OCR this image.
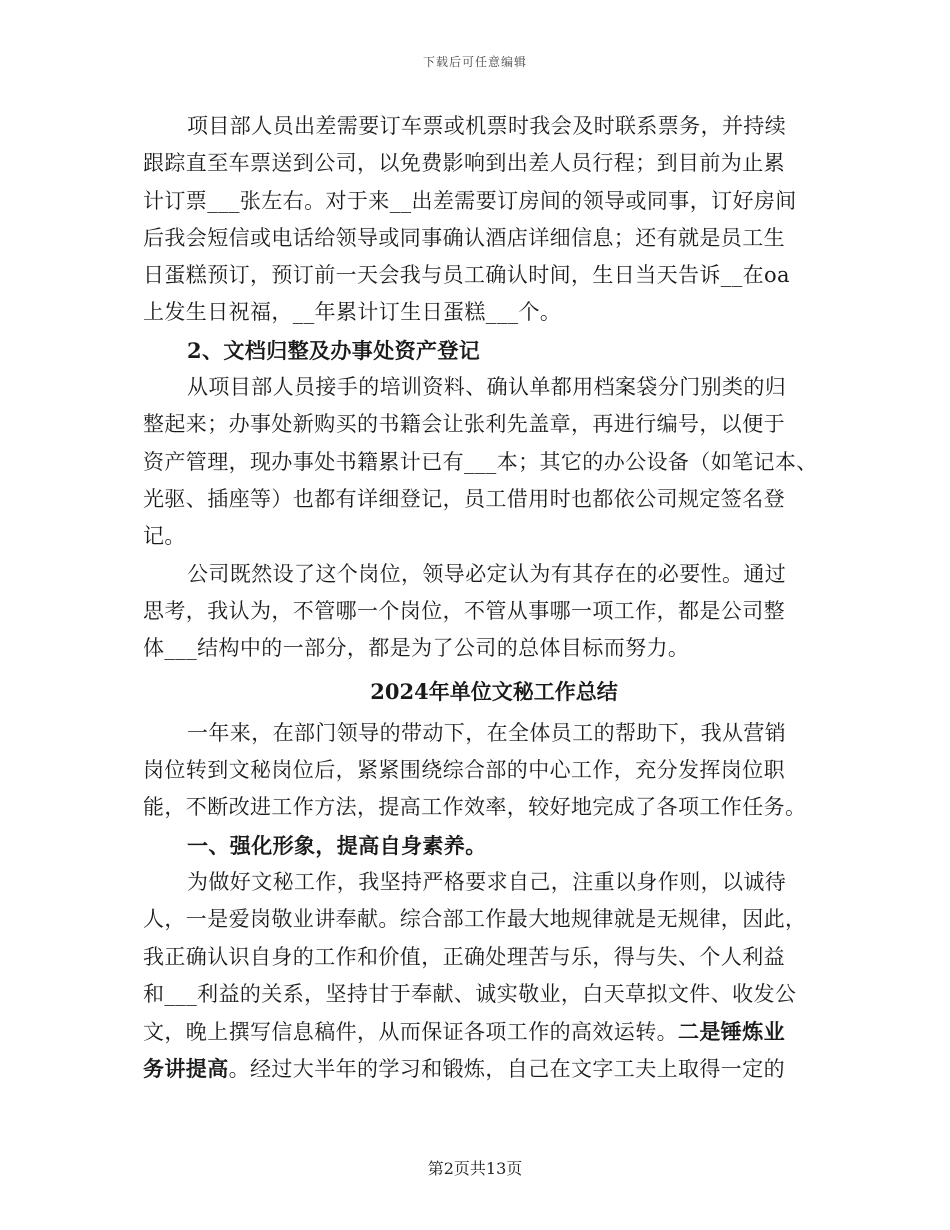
下载后可任意编辑
项目部人员出差需要订车票或机票时我会及时联系票务，并持续
跟踪直至车票送到公司，以免费影响到出差人员行程；到目前为止累
计订票___张左右。对于来__出差需要订房间的领导或同事，订好房间
后我会短信或电话给领导或同事确认酒店详细信息；还有就是员工生
日蛋糕预订，预订前一天会我与员工确认时间，生日当天告诉__在oa
上发生日祝福，__年累计订生日蛋糕___个。
2、文档归整及办事处资产登记
从项目部人员接手的培训资料、确认单都用档案袋分门别类的归
整起来；办事处新购买的书籍会让张利先盖章，再进行编号，以便于
资产管理，现办事处书籍累计已有___本；其它的办公设备（如笔记本、
光驱、插座等）也都有详细登记，员工借用时也都依公司规定签名登
记。
公司既然设了这个岗位，领导必定认为有其存在的必要性。通过
思考，我认为，不管哪一个岗位，不管从事哪一项工作，都是公司整
体___结构中的一部分，都是为了公司的总体目标而努力。
2024年单位文秘工作总结
一年来，在部门领导的带动下，在全体员工的帮助下，我从营销
岗位转到文秘岗位后，紧紧围绕综合部的中心工作，充分发挥岗位职
能，不断改进工作方法，提高工作效率，较好地完成了各项工作任务。
一、强化形象，提高自身素养。
为做好文秘工作，我坚持严格要求自己，注重以身作则，以诚待
人，一是爱岗敬业讲奉献。综合部工作最大地规律就是无规律，因此，
我正确认识自身的工作和价值，正确处理苦与乐，得与失、个人利益
和___利益的关系，坚持甘于奉献、诚实敬业，白天草拟文件、收发公
文，晚上撰写信息稿件，从而保证各项工作的高效运转。二是锤炼业
务讲提高。经过大半年的学习和锻炼，自己在文字工夫上取得一定的
第2页共13页
